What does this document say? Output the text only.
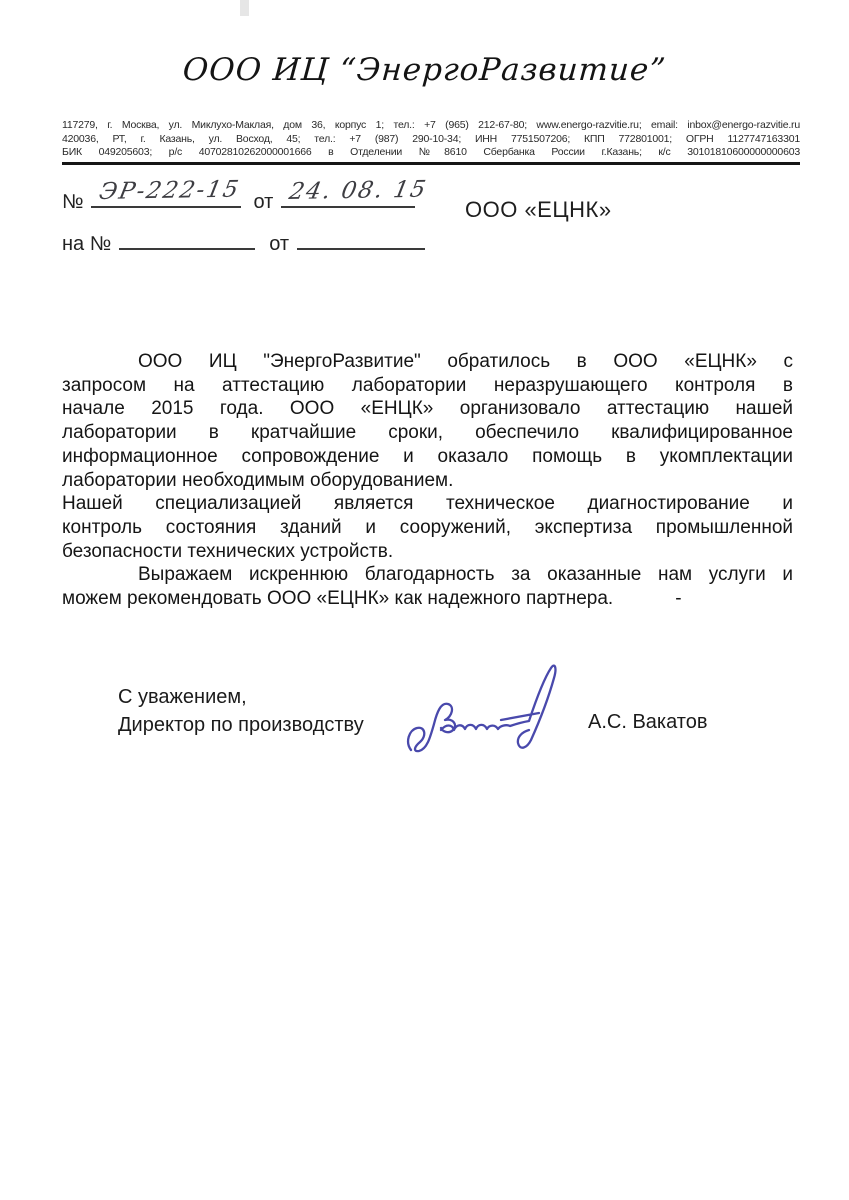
ООО ИЦ “ЭнергоРазвитие”
117279, г. Москва, ул. Миклухо-Маклая, дом 36, корпус 1; тел.: +7 (965) 212-67-80; www.energo-razvitie.ru; email: inbox@energo-razvitie.ru
420036, РТ, г. Казань, ул. Восход, 45; тел.: +7 (987) 290-10-34; ИНН 7751507206; КПП 772801001; ОГРН 1127747163301
БИК 049205603; р/с 40702810262000001666 в Отделении №8610 Сбербанка России г.Казань; к/с 30101810600000000603
№ ЭР-222-15 от 24. 08. 15
ООО «ЕЦНК»
на №	от
ООО ИЦ "ЭнергоРазвитие" обратилось в ООО «ЕЦНК» с
запросом на аттестацию лаборатории неразрушающего контроля в
начале 2015 года. ООО «ЕНЦК» организовало аттестацию нашей
лаборатории в кратчайшие сроки, обеспечило квалифицированное
информационное сопровождение и оказало помощь в укомплектации
лаборатории необходимым оборудованием.
Нашей специализацией является техническое диагностирование и
контроль состояния зданий и сооружений, экспертиза промышленной
безопасности технических устройств.
Выражаем искреннюю благодарность за оказанные нам услуги и
можем рекомендовать ООО «ЕЦНК» как надежного партнера.	-
С уважением,
Директор по производству	А.С. Вакатов
